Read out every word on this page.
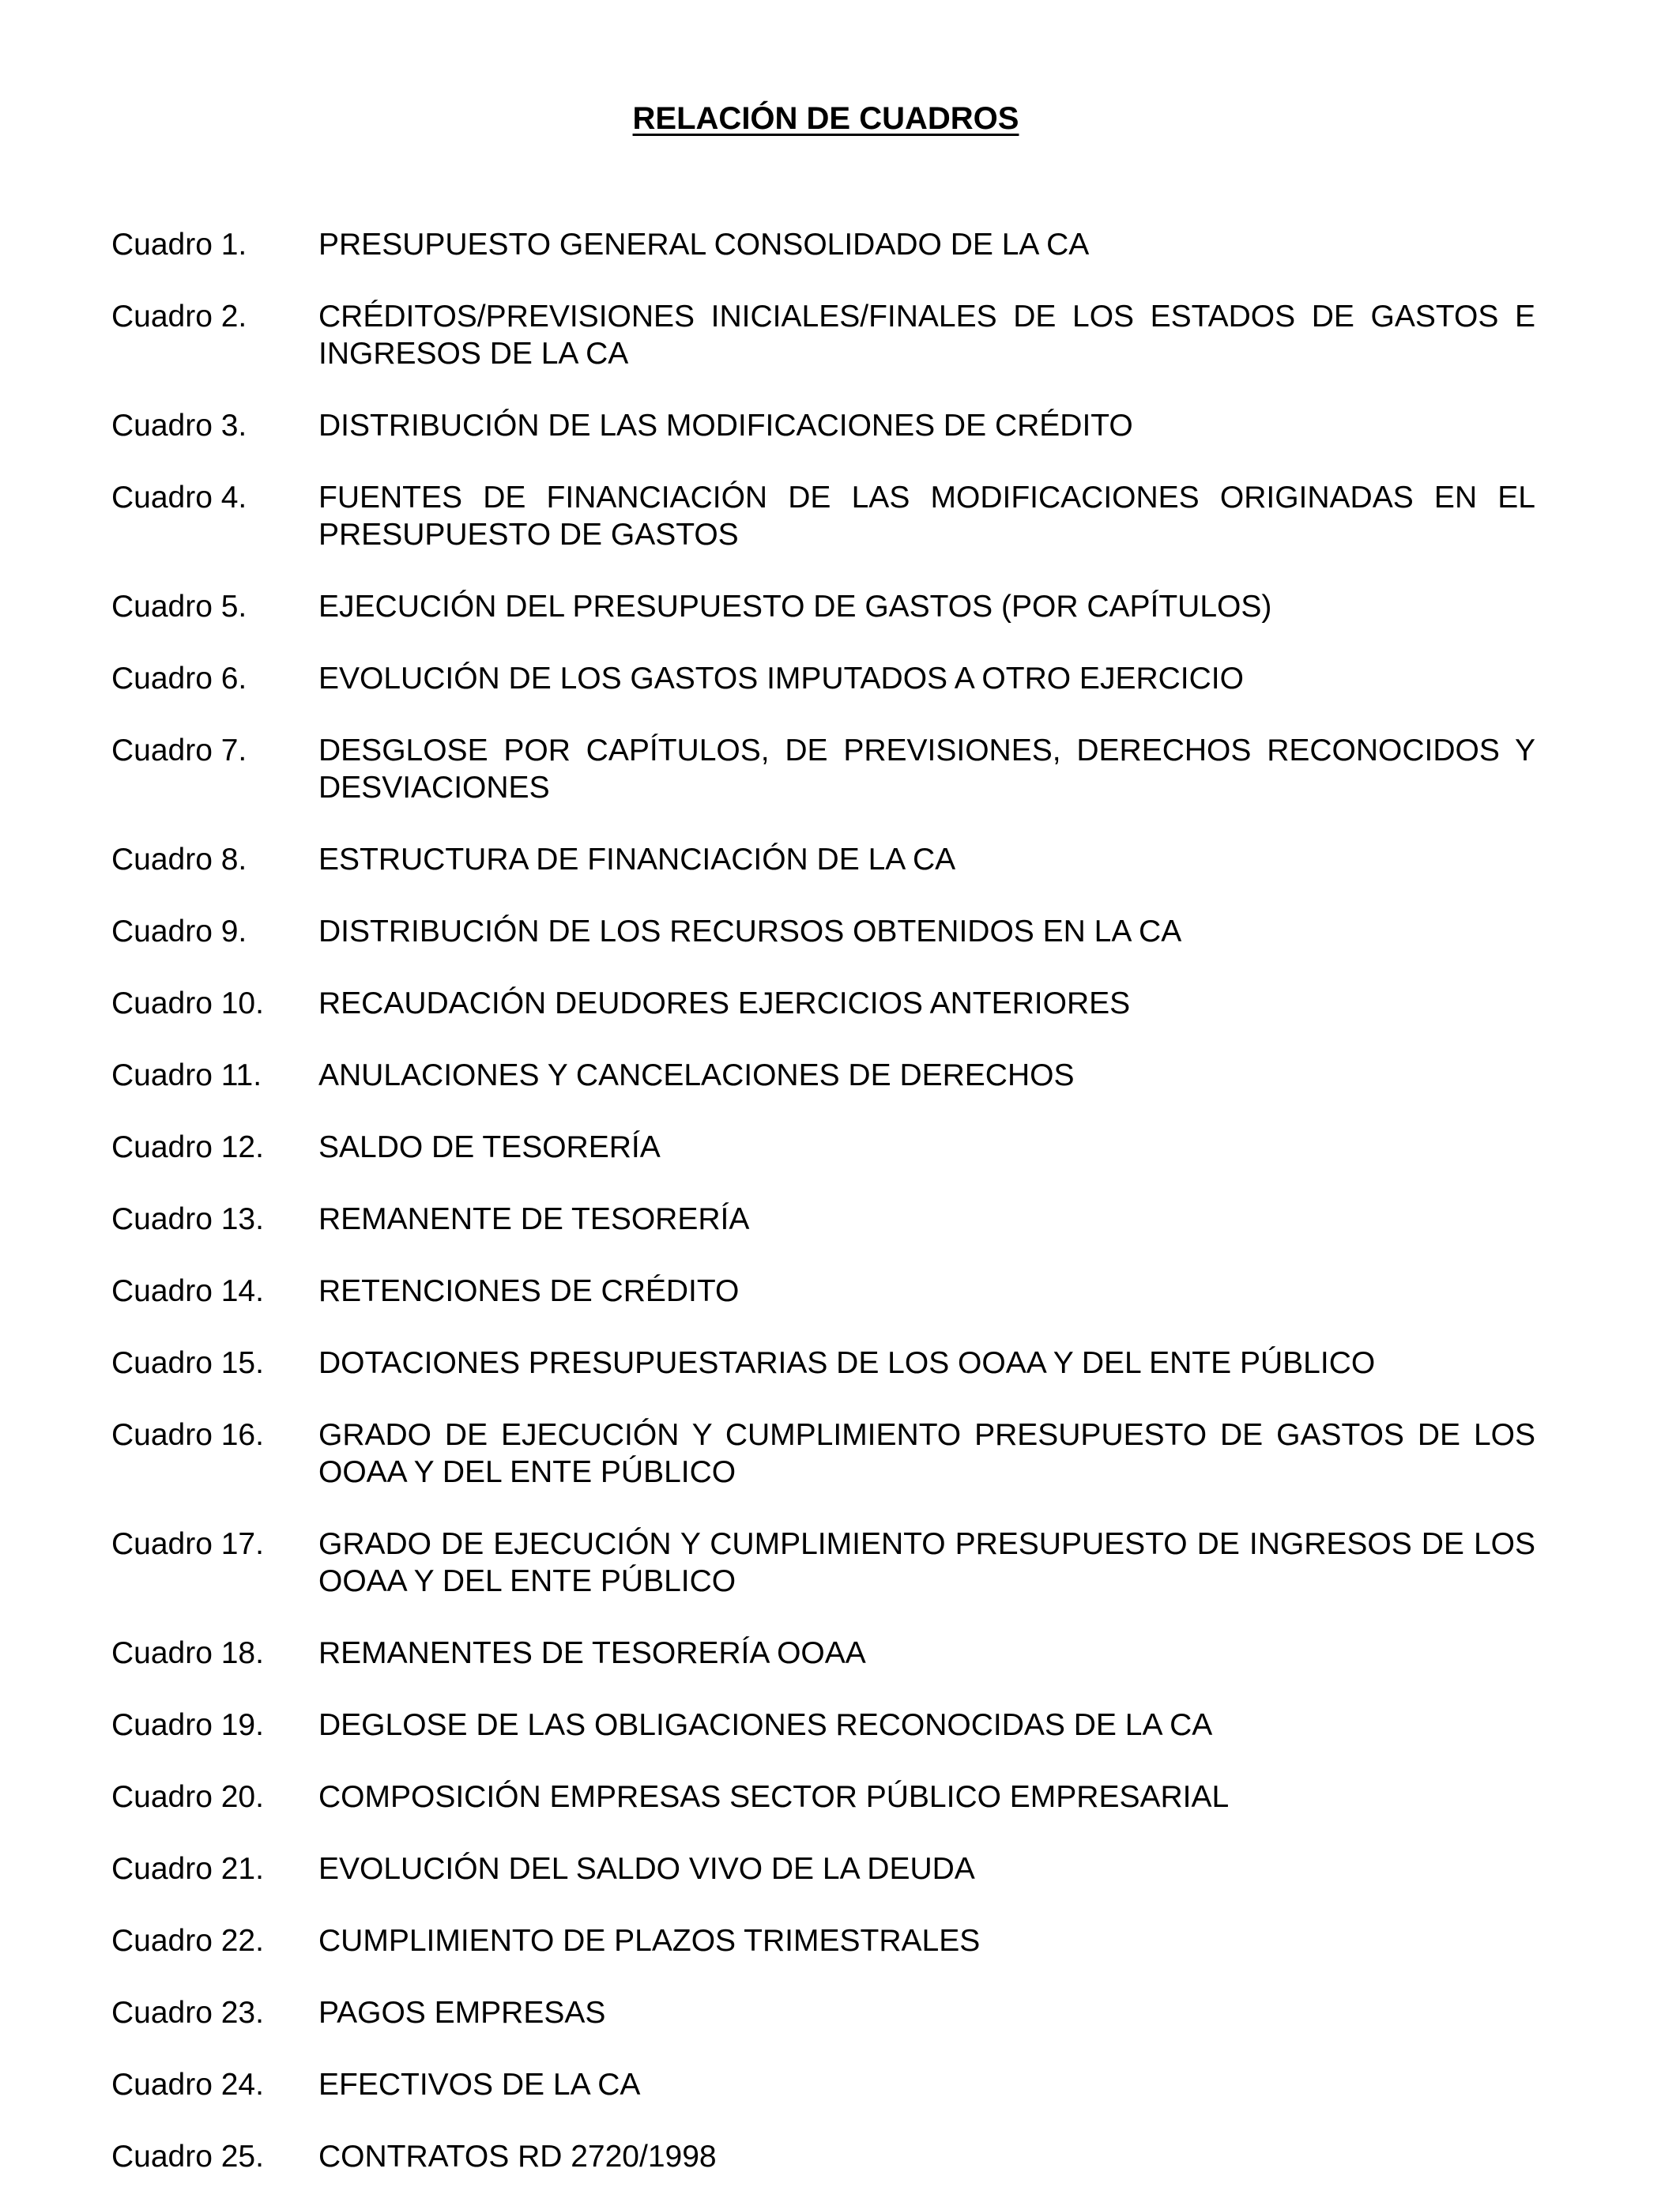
RELACIÓN DE CUADROS
Cuadro 1.	PRESUPUESTO GENERAL CONSOLIDADO DE LA CA
Cuadro 2.	CRÉDITOS/PREVISIONES INICIALES/FINALES DE LOS ESTADOS DE GASTOS E INGRESOS DE LA CA
Cuadro 3.	DISTRIBUCIÓN DE LAS MODIFICACIONES DE CRÉDITO
Cuadro 4.	FUENTES DE FINANCIACIÓN DE LAS MODIFICACIONES ORIGINADAS EN EL PRESUPUESTO DE GASTOS
Cuadro 5.	EJECUCIÓN DEL PRESUPUESTO DE GASTOS (POR CAPÍTULOS)
Cuadro 6.	EVOLUCIÓN DE LOS GASTOS IMPUTADOS A OTRO EJERCICIO
Cuadro 7.	DESGLOSE POR CAPÍTULOS, DE PREVISIONES, DERECHOS RECONOCIDOS Y DESVIACIONES
Cuadro 8.	ESTRUCTURA DE FINANCIACIÓN DE LA CA
Cuadro 9.	DISTRIBUCIÓN DE LOS RECURSOS OBTENIDOS EN LA CA
Cuadro 10.	RECAUDACIÓN DEUDORES EJERCICIOS ANTERIORES
Cuadro 11.	ANULACIONES Y CANCELACIONES DE DERECHOS
Cuadro 12.	SALDO DE TESORERÍA
Cuadro 13.	REMANENTE DE TESORERÍA
Cuadro 14.	RETENCIONES DE CRÉDITO
Cuadro 15.	DOTACIONES PRESUPUESTARIAS DE LOS OOAA Y DEL ENTE PÚBLICO
Cuadro 16.	GRADO DE EJECUCIÓN Y CUMPLIMIENTO PRESUPUESTO DE GASTOS DE LOS OOAA Y DEL ENTE PÚBLICO
Cuadro 17.	GRADO DE EJECUCIÓN Y CUMPLIMIENTO PRESUPUESTO DE INGRESOS DE LOS OOAA Y DEL ENTE PÚBLICO
Cuadro 18.	REMANENTES DE TESORERÍA OOAA
Cuadro 19.	DEGLOSE DE LAS OBLIGACIONES RECONOCIDAS DE LA CA
Cuadro 20.	COMPOSICIÓN EMPRESAS SECTOR PÚBLICO EMPRESARIAL
Cuadro 21.	EVOLUCIÓN DEL SALDO VIVO DE LA DEUDA
Cuadro 22.	CUMPLIMIENTO DE PLAZOS TRIMESTRALES
Cuadro 23.	PAGOS EMPRESAS
Cuadro 24.	EFECTIVOS DE LA CA
Cuadro 25.	CONTRATOS RD 2720/1998
